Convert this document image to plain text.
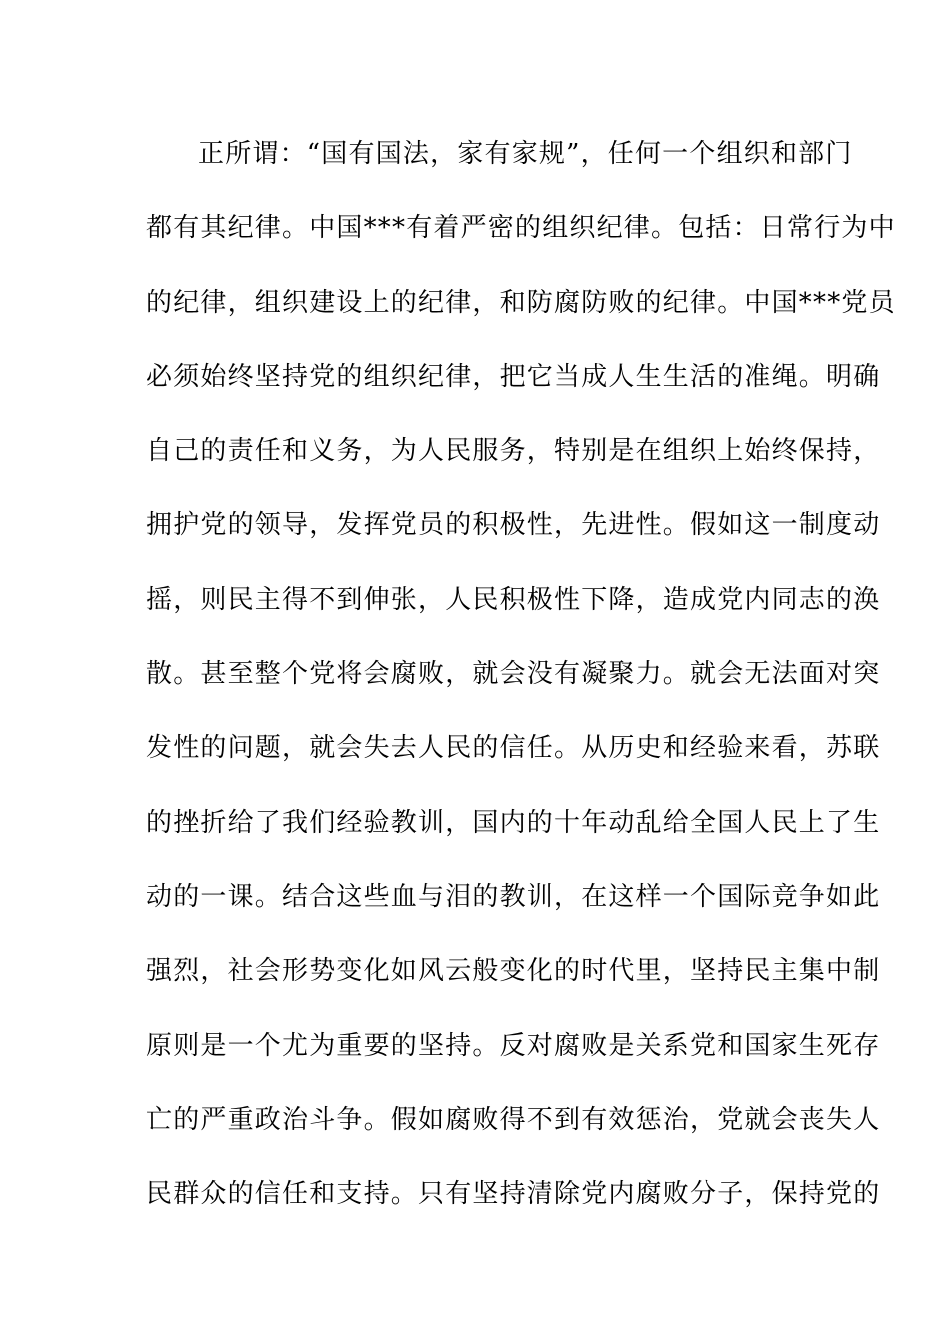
正所谓：“国有国法，家有家规”，任何一个组织和部门
都有其纪律。中国***有着严密的组织纪律。包括：日常行为中
的纪律，组织建设上的纪律，和防腐防败的纪律。中国***党员
必须始终坚持党的组织纪律，把它当成人生生活的准绳。明确
自己的责任和义务，为人民服务，特别是在组织上始终保持，
拥护党的领导，发挥党员的积极性，先进性。假如这一制度动
摇，则民主得不到伸张，人民积极性下降，造成党内同志的涣
散。甚至整个党将会腐败，就会没有凝聚力。就会无法面对突
发性的问题，就会失去人民的信任。从历史和经验来看，苏联
的挫折给了我们经验教训，国内的十年动乱给全国人民上了生
动的一课。结合这些血与泪的教训，在这样一个国际竞争如此
强烈，社会形势变化如风云般变化的时代里，坚持民主集中制
原则是一个尤为重要的坚持。反对腐败是关系党和国家生死存
亡的严重政治斗争。假如腐败得不到有效惩治，党就会丧失人
民群众的信任和支持。只有坚持清除党内腐败分子，保持党的
